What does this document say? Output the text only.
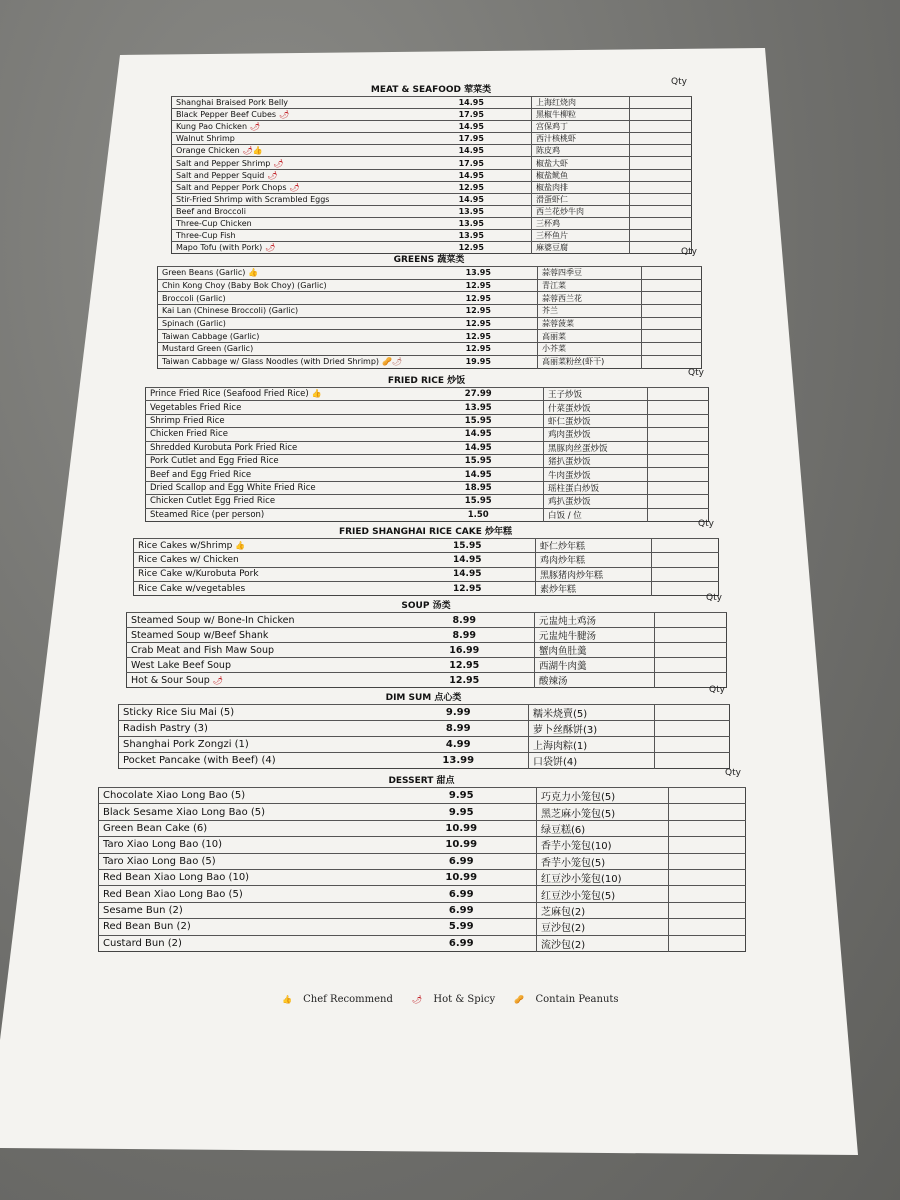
MEAT & SEAFOOD 荤菜类
Qty
Shanghai Braised Pork Belly	14.95	上海红烧肉	
Black Pepper Beef Cubes 🌶	17.95	黑椒牛柳粒	
Kung Pao Chicken 🌶	14.95	宫保鸡丁	
Walnut Shrimp	17.95	西汁核桃虾	
Orange Chicken 🌶👍	14.95	陈皮鸡	
Salt and Pepper Shrimp 🌶	17.95	椒盐大虾	
Salt and Pepper Squid 🌶	14.95	椒盐鱿鱼	
Salt and Pepper Pork Chops 🌶	12.95	椒盐肉排	
Stir-Fried Shrimp with Scrambled Eggs	14.95	滑蛋虾仁	
Beef and Broccoli	13.95	西兰花炒牛肉	
Three-Cup Chicken	13.95	三杯鸡	
Three-Cup Fish	13.95	三杯鱼片	
Mapo Tofu (with Pork) 🌶	12.95	麻婆豆腐	
GREENS 蔬菜类
Qty
Green Beans (Garlic) 👍	13.95	蒜蓉四季豆	
Chin Kong Choy (Baby Bok Choy) (Garlic)	12.95	青江菜	
Broccoli (Garlic)	12.95	蒜蓉西兰花	
Kai Lan (Chinese Broccoli) (Garlic)	12.95	芥兰	
Spinach (Garlic)	12.95	蒜蓉菠菜	
Taiwan Cabbage (Garlic)	12.95	高丽菜	
Mustard Green (Garlic)	12.95	小芥菜	
Taiwan Cabbage w/ Glass Noodles (with Dried Shrimp) 🥜🌶	19.95	高丽菜粉丝(虾干)	
FRIED RICE 炒饭
Qty
Prince Fried Rice (Seafood Fried Rice) 👍	27.99	王子炒饭	
Vegetables Fried Rice	13.95	什菜蛋炒饭	
Shrimp Fried Rice	15.95	虾仁蛋炒饭	
Chicken Fried Rice	14.95	鸡肉蛋炒饭	
Shredded Kurobuta Pork Fried Rice	14.95	黑豚肉丝蛋炒饭	
Pork Cutlet and Egg Fried Rice	15.95	猪扒蛋炒饭	
Beef and Egg Fried Rice	14.95	牛肉蛋炒饭	
Dried Scallop and Egg White Fried Rice	18.95	瑶柱蛋白炒饭	
Chicken Cutlet Egg Fried Rice	15.95	鸡扒蛋炒饭	
Steamed Rice (per person)	1.50	白饭 / 位	
FRIED SHANGHAI RICE CAKE 炒年糕
Qty
Rice Cakes w/Shrimp 👍	15.95	虾仁炒年糕	
Rice Cakes w/ Chicken	14.95	鸡肉炒年糕	
Rice Cake w/Kurobuta Pork	14.95	黑豚猪肉炒年糕	
Rice Cake w/vegetables	12.95	素炒年糕	
SOUP 汤类
Qty
Steamed Soup w/ Bone-In Chicken	8.99	元盅炖土鸡汤	
Steamed Soup w/Beef Shank	8.99	元盅炖牛腱汤	
Crab Meat and Fish Maw Soup	16.99	蟹肉鱼肚羹	
West Lake Beef Soup	12.95	西湖牛肉羹	
Hot & Sour Soup 🌶	12.95	酸辣汤	
DIM SUM 点心类
Qty
Sticky Rice Siu Mai (5)	9.99	糯米烧賣(5)	
Radish Pastry (3)	8.99	萝卜丝酥饼(3)	
Shanghai Pork Zongzi (1)	4.99	上海肉粽(1)	
Pocket Pancake (with Beef) (4)	13.99	口袋饼(4)	
DESSERT 甜点
Qty
Chocolate Xiao Long Bao (5)	9.95	巧克力小笼包(5)	
Black Sesame Xiao Long Bao (5)	9.95	黑芝麻小笼包(5)	
Green Bean Cake (6)	10.99	绿豆糕(6)	
Taro Xiao Long Bao (10)	10.99	香芋小笼包(10)	
Taro Xiao Long Bao (5)	6.99	香芋小笼包(5)	
Red Bean Xiao Long Bao (10)	10.99	红豆沙小笼包(10)	
Red Bean Xiao Long Bao (5)	6.99	红豆沙小笼包(5)	
Sesame Bun (2)	6.99	芝麻包(2)	
Red Bean Bun (2)	5.99	豆沙包(2)	
Custard Bun (2)	6.99	流沙包(2)	
👍 Chef Recommend 🌶 Hot & Spicy 🥜 Contain Peanuts
